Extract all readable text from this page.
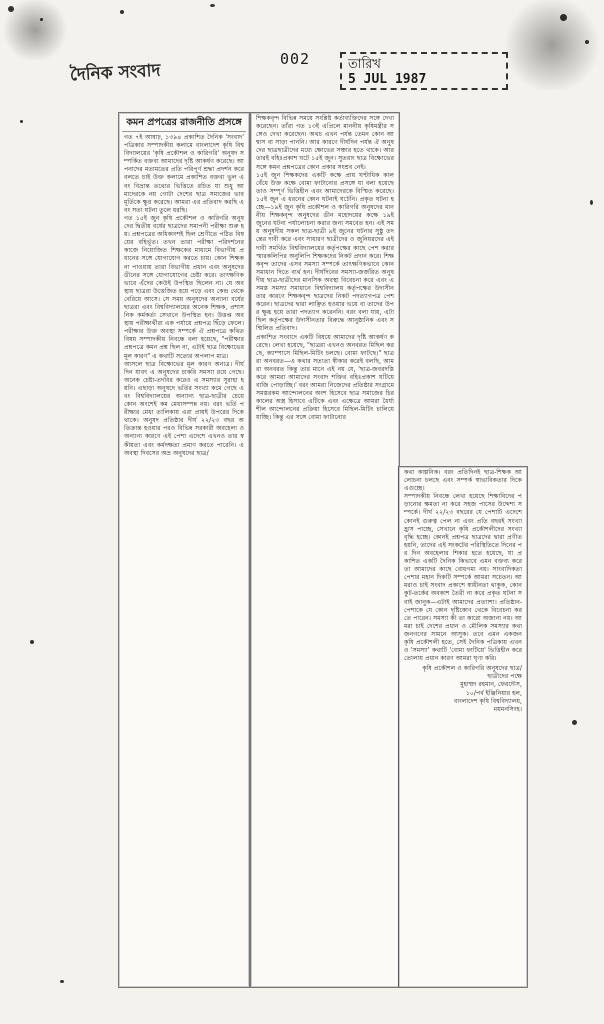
002
দৈনিক সংবাদ	তারিখ
5 JUL 1987
কমন প্রপত্রের রাজনীতি প্রসঙ্গে
গত ৭ই আষাঢ়, ১৩৯৪ প্রকাশিত দৈনিক 'সংবাদ' পত্রিকার সম্পাদকীয় কলামে বাংলাদেশ কৃষি বিশ্ববিদ্যালয়ের 'কৃষি প্রকৌশল ও কারিগরি' অনুষদ সম্পর্কিত বক্তব্য আমাদের দৃষ্টি আকর্ষণ করেছে। আপনাদের মতামতের প্রতি পরিপূর্ণ শ্রদ্ধা প্রদর্শন করে বলতে চাই উক্ত কলামে প্রকাশিত বক্তব্য ভুল এবং বিভ্রান্ত তথ্যের ভিত্তিতে রচিত যা শুধু আমাদেরকে নয় গোটা দেশের ছাত্র সমাজের ভাবমূর্তিকে ক্ষুণ্ণ করেছে। আমরা এর প্রতিবাদ করছি এবং সত্য ঘটনা তুলে ধরছি।
গত ১৫ই জুন কৃষি প্রকৌশল ও কারিগরি অনুষদের দ্বিতীয় বর্ষের ছাত্রদের সমাপনী পরীক্ষা শুরু হয়। প্রশ্নপত্রের অধিকাংশই ছিল শ্রেণীতে পঠিত বিষয়ের বহির্ভূত। তখন তারা পরীক্ষা পরিদর্শনের কাজে নিয়োজিত শিক্ষকের মাধ্যমে বিভাগীয় প্রধানের সঙ্গে যোগাযোগ করতে চায়। কোন শিক্ষক না পাওয়ায় তারা বিভাগীয় প্রধান এবং অনুষদের ডীনের সঙ্গে যোগাযোগের চেষ্টা করে। তাৎক্ষণিক ভাবে এঁদের কেউই উপস্থিত ছিলেন না। যে অবস্থায় ছাত্ররা উত্তেজিত হয়ে পড়ে এবং কেন্দ্র থেকে বেরিয়ে আসে। সে সময় অনুষদের অন্যান্য বর্ষের ছাত্ররা এবং বিশ্ববিদ্যালয়ের অনেক শিক্ষক, প্রশাসনিক কর্মকর্তা সেখানে উপস্থিত হন। উত্তপ্ত অবস্থায় পরীক্ষার্থীরা এক পর্যায়ে প্রশ্নপত্র ছিঁড়ে ফেলে। পরীক্ষার উক্ত অবস্থা সম্পর্কে ঐ প্রশ্নপত্রে কথিত বিষয় সম্পাদকীয় নিবন্ধে বলা হয়েছে, "পরীক্ষার প্রশ্নপত্রে কমন প্রশ্ন ছিল না, এটাই ছাত্র বিক্ষোভের মূল কারণ" এ কথাটি সত্যের অপলাপ মাত্র।
আসলে ছাত্র বিক্ষোভের মূল কারণ অন্যত্র। দীর্ঘদিন যাবৎ এ অনুষদের চাকরি সমস্যা রয়ে গেছে। অনেক চেষ্টা-তদবির করেও এ সমস্যার সুরাহা হয়নি। এছাড়া অনুষদে ভর্তির সংখ্যা কমে গেছে এবং বিশ্ববিদ্যালয়ের অন্যান্য ছাত্র-ছাত্রীর চেয়ে কোন অংশেই কম মেধাসম্পন্ন নয়। বরং ভর্তি পরীক্ষার মেধা তালিকায় এরা প্রায়ই উপরের দিকে থাকে। অনুষদ প্রতিষ্ঠার দীর্ঘ ২২/২৩ বছর অতিক্রান্ত হওয়ার পরও বিভিন্ন সরকারী অবহেলা ও অন্যান্য কারণে এই পেশা এদেশে এখনও তার স্বকীয়তা এবং কর্মদক্ষতা প্রমাণ করতে পারেনি। এ অবস্থা দিবসের অভ্র অনুষদের ছাত্র/
শিক্ষকবৃন্দ বিভিন্ন সময়ে সংশ্লিষ্ট কর্তাব্যক্তিদের সঙ্গে দেখা করেছেন। তাঁরা গত ১৩ই এপ্রিলে মাননীয় কৃষিমন্ত্রীর সঙ্গেও দেখা করেছেন। অথচ এখন পর্যন্ত তেমন কোন আশ্বাস বা সাড়া পাননি। আর কারণে দীর্ঘদিন পর্যন্ত ঐ অনুষদের ছাত্রছাত্রীদের মধ্যে ক্ষোভের সঞ্চার হতে থাকে। আর তারই বহিঃপ্রকাশ ঘটে ১৫ই জুন। সুতরাং ছাত্র বিক্ষোভের সঙ্গে কমন প্রশ্নপত্রের কোন প্রকার সংশ্রব নেই।
১৫ই জুন শিক্ষকদের একটি কক্ষে প্রায় ঘণ্টাধিক কাল বেঁধে উক্ত কক্ষে বোমা ফাটানোর প্রসঙ্গে যা বলা হয়েছে তাও সম্পূর্ণ ভিত্তিহীন এবং আমাদেরকে বিস্মিত করেছে। ১৫ই জুন এ ধরনের কোন ঘটনাই ঘটেনি। প্রকৃত ঘটনা হচ্ছে—১৯ই জুন কৃষি প্রকৌশল ও কারিগরি অনুষদের মাননীয় শিক্ষকবৃন্দ অনুষদের ডীন মহোদয়ের কক্ষে ১৯ই জুনের ঘটনা পর্যালোচনা করার জন্য সমবেত হন। এই সময় অনুষদীয় সকল ছাত্র-ছাত্রী ৯ই জুনের ঘটনার সুষ্ঠু তদন্তের দাবী করে এবং সাধারণ ছাত্রীদের ও জুনিয়রদের এই দাবী সমর্থিত বিশ্ববিদ্যালয়ের কর্তৃপক্ষের কাছে পেশ করার স্মারকলিপির অনুলিপি শিক্ষকদের নিকট প্রদান করে। শিক্ষকবৃন্দ তাদের এসব সমস্যা সম্পর্কে তাৎক্ষণিকভাবে কোন সমাধান দিতে ব্যর্থ হন। দীর্ঘদিনের সমস্যা-জর্জরিত অনুষদীয় ছাত্র-ছাত্রীদের মানসিক অবস্থা বিবেচনা করে এবং এ সমস্ত সমস্যা সমাধানে বিশ্ববিদ্যালয় কর্তৃপক্ষের উদাসীনতার কারণে শিক্ষকবৃন্দ ছাত্রদের নিকট পদত্যাগপত্র পেশ করেন। ছাত্রদের দ্বারা লাঞ্ছিত হওয়ার ভয়ে বা তাদের উপর ক্ষুব্ধ হয়ে তারা পদত্যাগ করেননি। বরং বলা যায়, এটা ছিল কর্তৃপক্ষের উদাসীনতার বিরুদ্ধে আনুষ্ঠানিক এবং সম্মিলিত প্রতিবাদ।
প্রকাশিত সংবাদে একটি বিষয়ে আমাদের দৃষ্টি আকর্ষণ করেছে। লেখা হয়েছে, "ছাত্ররা এখনও অনবরত মিছিল করছে, ক্যাম্পাসে মিছিল-মিটিং চলছে। বোমা ফাটছে।" ছাত্ররা অনবরত—এ কথার সত্যতা স্বীকার করেই বলছি, আমরা অনবরত কিন্তু তার মানে এই নয় যে, 'ছাত্র-জবরদস্তি করে আমরা আমাদের সংবাদ শক্তির বহিঃপ্রকাশ ঘটিয়ে বাজি পোড়াচ্ছি।' বরং আমরা নিজেদের প্রতিষ্ঠার সংগ্রামে সমস্তরকম আন্দোলনের অংশ হিসেবে ছাত্র সমাজের চিরকালের অস্ত্র হিসাবে এটিকে এবং এক্ষেত্রে আমরা ধৈর্য্যশীল আন্দোলনের প্রক্রিয়া হিসেবে মিছিল-মিটিং চালিয়ে যাচ্ছি। কিন্তু এর সঙ্গে বোমা ফাটানোর
কথা কাল্পনিক। বরং প্রতিদিনই ছাত্র-শিক্ষক আলোচনা চলছে এবং সম্পর্ক স্বাভাবিকতার দিকে এগুচ্ছে।
সম্পাদকীয় নিবন্ধে লেখা হয়েছে শিক্ষাবিদের পড়ানোর ক্ষমতা না করে সহজ পাসের উদ্দেশ্য সম্পর্কে। দীর্ঘ ২২/২৩ বছরের যে পেশাটি এদেশে কোনই গুরুত্ব পেল না এবং প্রতি বছরই সংখ্যা হ্রাস পাচ্ছে, সেখানে কৃষি প্রকৌশলীদের সংখ্যা বৃদ্ধি হচ্ছে। কোনই প্রশ্নপত্র ছাত্রদের দ্বারা প্রণীত হয়নি, তাদের এই সংকটের পরিস্থিতিতে দিনের পর দিন অবহেলার শিকার হতে হয়েছে, যা প্রকাশিত একটি দৈনিক কিভাবে এমন বক্তব্য করে তা আমাদের কাছে বোধগম্য নয়। সাংবাদিকতা পেশার মহান দিকটি সম্পর্কে আমরা সচেতন। আমরাও চাই সংবাদ প্রকাশে স্বাধীনতা থাকুক, কোন কুট-তর্কের অবকাশ তৈরী না করে প্রকৃত ঘটনা সবাই জানুক—এটাই আমাদের প্রত্যাশা। প্রতিষ্ঠান-পেশাকে যে কোন দৃষ্টিকোণ থেকে বিবেচনা করতে পারেন। সমস্যা কী তা কারো অজানা নয়। আমরা চাই দেশের প্রধান ও মৌলিক সমস্যার কথা জনগণের সামনে আসুক। তবে এমন একজন কৃষি প্রকৌশলী হতে, সেই দৈনিক পত্রিকায় এখনও 'সমস্যা' কথাটি 'বোমা ফাটিয়ে' ভিত্তিহীন করে তোলায় প্রধান কারণ আমরা ঘৃণা করি।
কৃষি প্রকৌশল ও কারিগরি অনুষদের ছাত্র/ছাত্রীদের পক্ষে
মুহাম্মদ রহমান, ফেরদৌস,
১০/পর্ব ইঞ্জিনিয়ার হল,
বাংলাদেশ কৃষি বিশ্ববিদ্যালয়,
ময়মনসিংহ।
